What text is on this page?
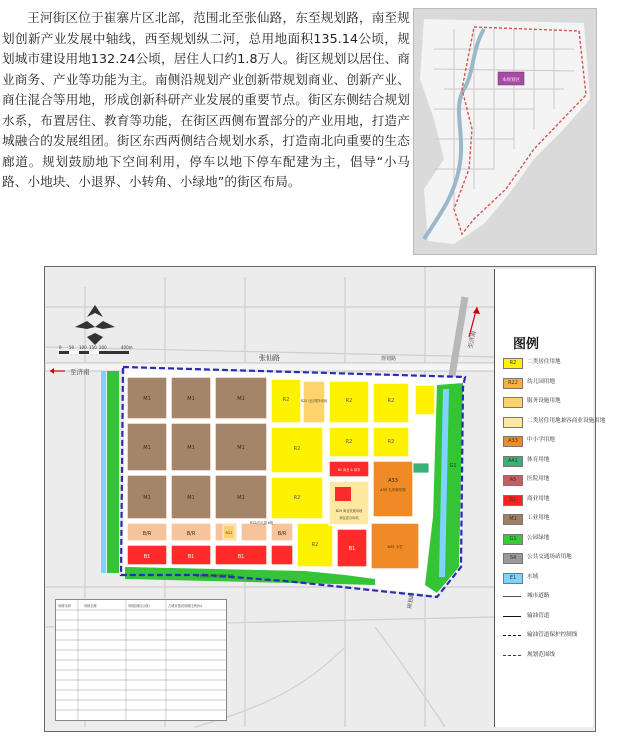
王河街区位于崔寨片区北部，范围北至张仙路，东至规划路，南至规划创新产业发展中轴线，西至规划纵二河，总用地面积135.14公顷，规划城市建设用地132.24公顷，居住人口约1.8万人。街区规划以居住、商业商务、产业等功能为主。南侧沿规划产业创新带规划商业、创新产业、商住混合等用地，形成创新科研产业发展的重要节点。街区东侧结合规划水系，布置居住、教育等功能，在街区西侧布置部分的产业用地，打造产城融合的发展组团。街区东西两侧结合规划水系，打造南北向重要的生态廊道。规划鼓励地下空间利用，停车以地下停车配建为主，倡导“小马路、小地块、小退界、小转角、小绿地”的街区布局。

本规划区
至济南
张仙路	规划路
至济南
规划路
0 50 100 150 200	400m
M1	M1	M1
M1	M1	M1
M1	M1	M1
R22
R22/幼儿园 6班
B/R	B/R	B/R
B1	B1	B1
B1
规划创新产业发展中轴线
R2	R2	R2
R2
R2	R2
R2
R2
R22 社区服务用地
B1 商业 & 商务
B29 商业设施用地
商住混合用地
A33 九年制学校
A33 小学
A33
G1
用地代码	用地名称	用地面积(公顷)	占城市建设用地比例(%)
图例
R2	二类居住用地
R22	幼儿园用地
服务设施用地
二类居住用地兼容商业设施用地
A33	中小学用地
A41	体育用地
A5	医院用地
B1	商业用地
M1	工业用地
G1	公园绿地
S4	公共交通场站用地
E1	水域
城市道路
输油管道
输油管道保护控制线
规划范围线
